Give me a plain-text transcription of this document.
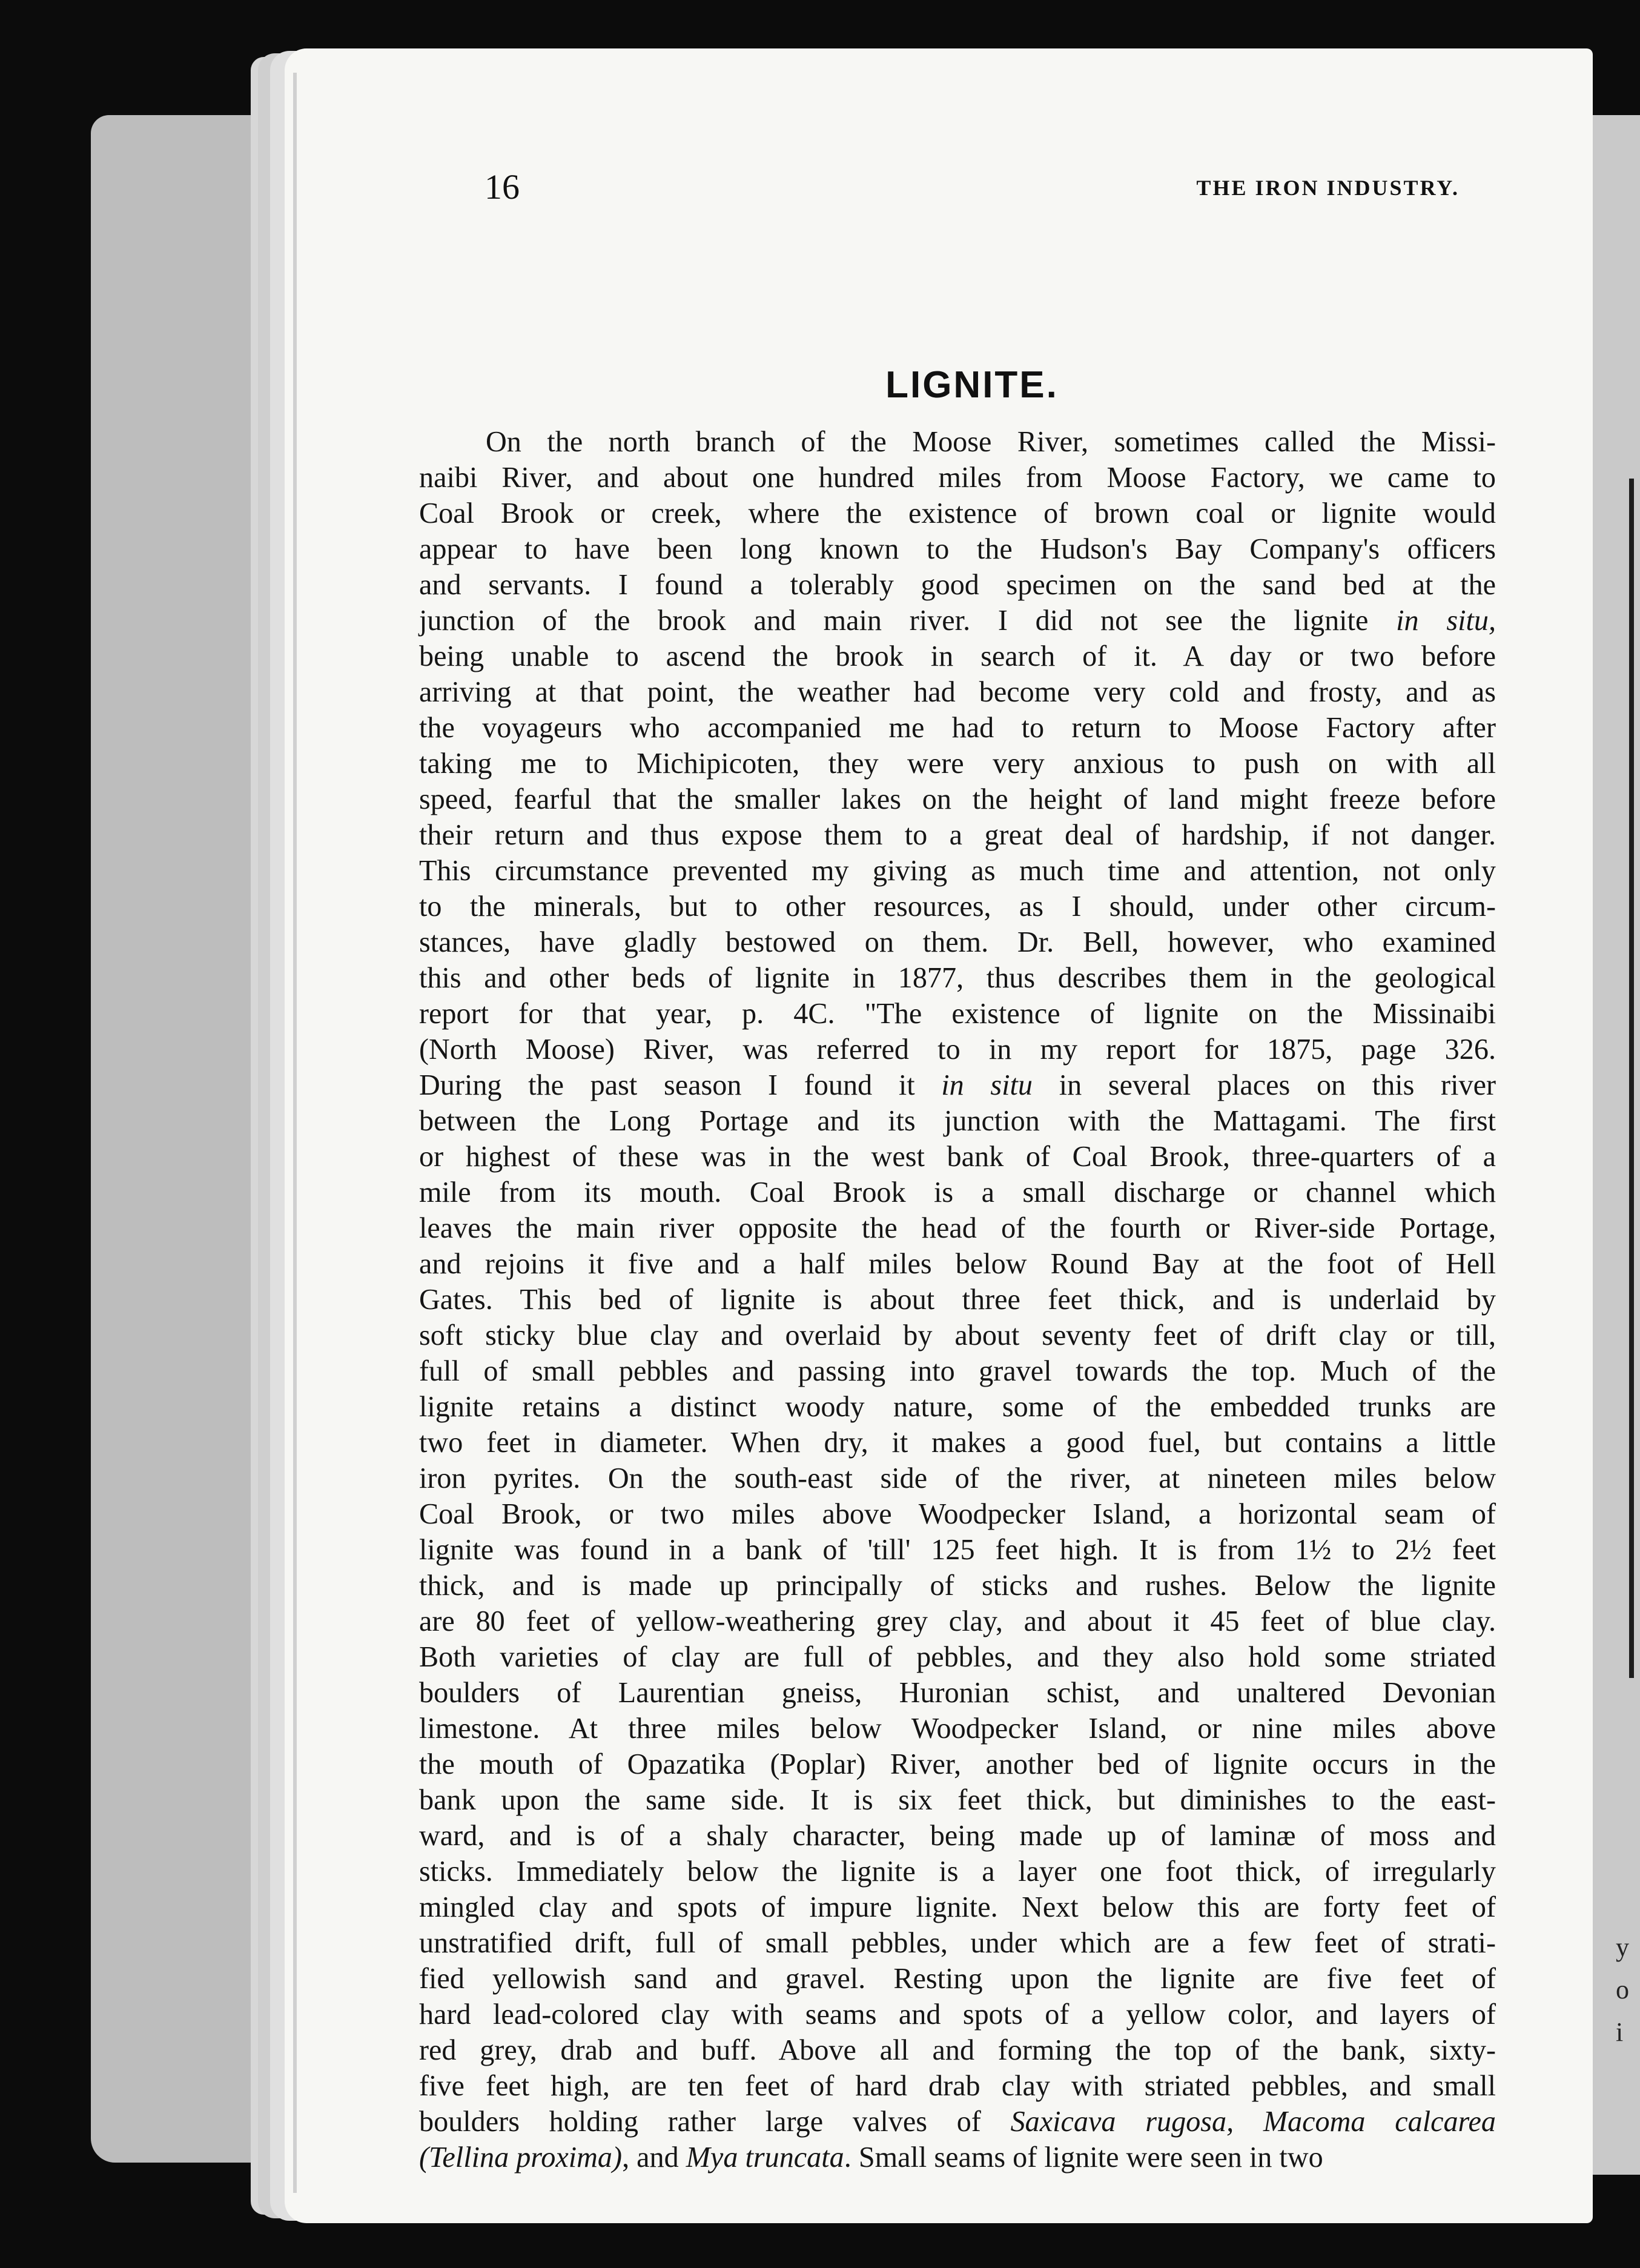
y
o
i
16	THE IRON INDUSTRY.
LIGNITE.
On the north branch of the Moose River, sometimes called the Missi-
naibi River, and about one hundred miles from Moose Factory, we came to
Coal Brook or creek, where the existence of brown coal or lignite would
appear to have been long known to the Hudson's Bay Company's officers
and servants. I found a tolerably good specimen on the sand bed at the
junction of the brook and main river. I did not see the lignite in situ,
being unable to ascend the brook in search of it. A day or two before
arriving at that point, the weather had become very cold and frosty, and as
the voyageurs who accompanied me had to return to Moose Factory after
taking me to Michipicoten, they were very anxious to push on with all
speed, fearful that the smaller lakes on the height of land might freeze before
their return and thus expose them to a great deal of hardship, if not danger.
This circumstance prevented my giving as much time and attention, not only
to the minerals, but to other resources, as I should, under other circum-
stances, have gladly bestowed on them. Dr. Bell, however, who examined
this and other beds of lignite in 1877, thus describes them in the geological
report for that year, p. 4C. "The existence of lignite on the Missinaibi
(North Moose) River, was referred to in my report for 1875, page 326.
During the past season I found it in situ in several places on this river
between the Long Portage and its junction with the Mattagami. The first
or highest of these was in the west bank of Coal Brook, three-quarters of a
mile from its mouth. Coal Brook is a small discharge or channel which
leaves the main river opposite the head of the fourth or River-side Portage,
and rejoins it five and a half miles below Round Bay at the foot of Hell
Gates. This bed of lignite is about three feet thick, and is underlaid by
soft sticky blue clay and overlaid by about seventy feet of drift clay or till,
full of small pebbles and passing into gravel towards the top. Much of the
lignite retains a distinct woody nature, some of the embedded trunks are
two feet in diameter. When dry, it makes a good fuel, but contains a little
iron pyrites. On the south-east side of the river, at nineteen miles below
Coal Brook, or two miles above Woodpecker Island, a horizontal seam of
lignite was found in a bank of 'till' 125 feet high. It is from 1½ to 2½ feet
thick, and is made up principally of sticks and rushes. Below the lignite
are 80 feet of yellow-weathering grey clay, and about it 45 feet of blue clay.
Both varieties of clay are full of pebbles, and they also hold some striated
boulders of Laurentian gneiss, Huronian schist, and unaltered Devonian
limestone. At three miles below Woodpecker Island, or nine miles above
the mouth of Opazatika (Poplar) River, another bed of lignite occurs in the
bank upon the same side. It is six feet thick, but diminishes to the east-
ward, and is of a shaly character, being made up of laminæ of moss and
sticks. Immediately below the lignite is a layer one foot thick, of irregularly
mingled clay and spots of impure lignite. Next below this are forty feet of
unstratified drift, full of small pebbles, under which are a few feet of strati-
fied yellowish sand and gravel. Resting upon the lignite are five feet of
hard lead-colored clay with seams and spots of a yellow color, and layers of
red grey, drab and buff. Above all and forming the top of the bank, sixty-
five feet high, are ten feet of hard drab clay with striated pebbles, and small
boulders holding rather large valves of Saxicava rugosa, Macoma calcarea
(Tellina proxima), and Mya truncata. Small seams of lignite were seen in two
